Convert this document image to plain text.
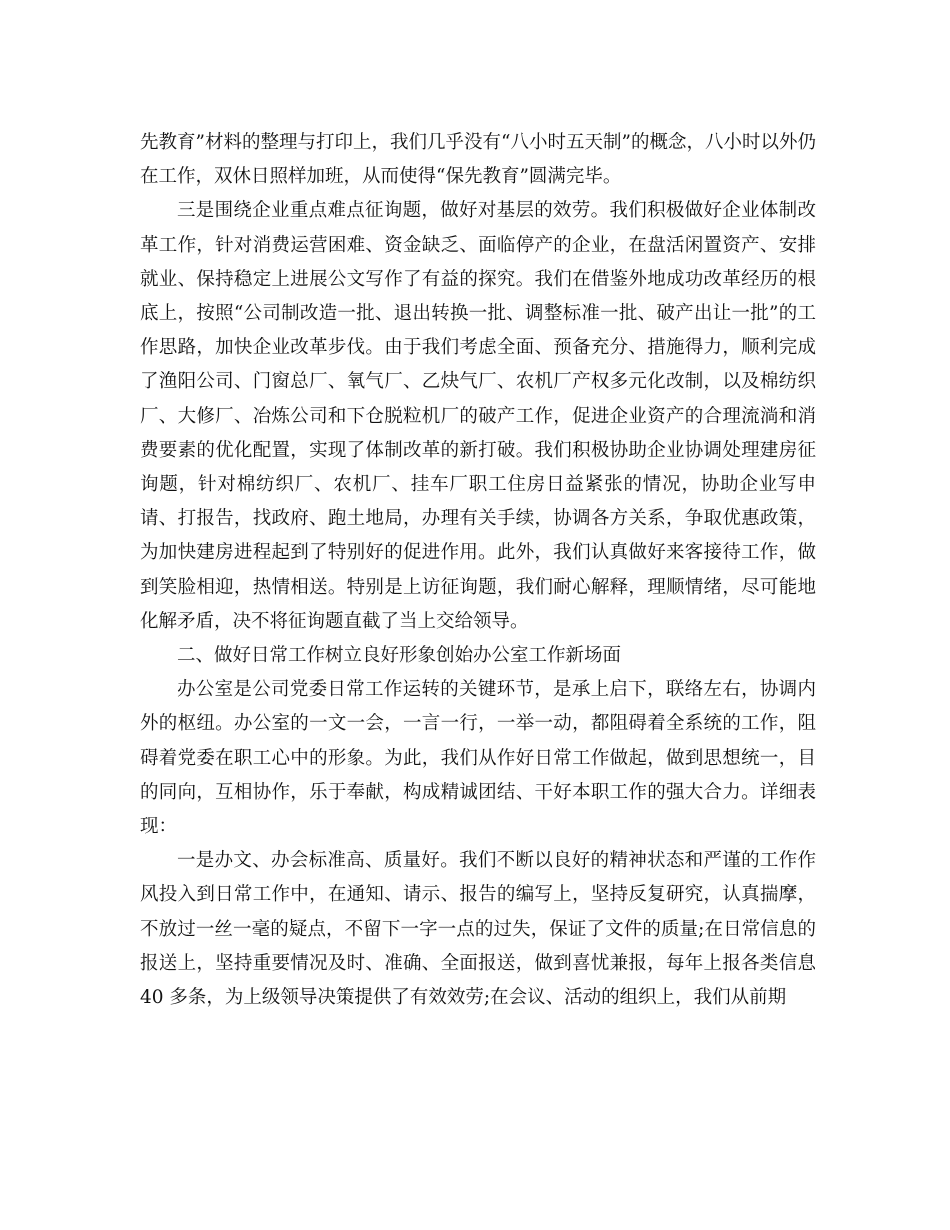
先教育”材料的整理与打印上，我们几乎没有“八小时五天制”的概念，八小时以外仍在工作，双休日照样加班，从而使得“保先教育”圆满完毕。

三是围绕企业重点难点征询题，做好对基层的效劳。我们积极做好企业体制改革工作，针对消费运营困难、资金缺乏、面临停产的企业，在盘活闲置资产、安排就业、保持稳定上进展公文写作了有益的探究。我们在借鉴外地成功改革经历的根底上，按照“公司制改造一批、退出转换一批、调整标准一批、破产出让一批”的工作思路，加快企业改革步伐。由于我们考虑全面、预备充分、措施得力，顺利完成了渔阳公司、门窗总厂、氧气厂、乙炔气厂、农机厂产权多元化改制，以及棉纺织厂、大修厂、冶炼公司和下仓脱粒机厂的破产工作，促进企业资产的合理流淌和消费要素的优化配置，实现了体制改革的新打破。我们积极协助企业协调处理建房征询题，针对棉纺织厂、农机厂、挂车厂职工住房日益紧张的情况，协助企业写申请、打报告，找政府、跑土地局，办理有关手续，协调各方关系，争取优惠政策，为加快建房进程起到了特别好的促进作用。此外，我们认真做好来客接待工作，做到笑脸相迎，热情相送。特别是上访征询题，我们耐心解释，理顺情绪，尽可能地化解矛盾，决不将征询题直截了当上交给领导。

二、做好日常工作树立良好形象创始办公室工作新场面

办公室是公司党委日常工作运转的关键环节，是承上启下，联络左右，协调内外的枢纽。办公室的一文一会，一言一行，一举一动，都阻碍着全系统的工作，阻碍着党委在职工心中的形象。为此，我们从作好日常工作做起，做到思想统一，目的同向，互相协作，乐于奉献，构成精诚团结、干好本职工作的强大合力。详细表现：

一是办文、办会标准高、质量好。我们不断以良好的精神状态和严谨的工作作风投入到日常工作中，在通知、请示、报告的编写上，坚持反复研究，认真揣摩，不放过一丝一毫的疑点，不留下一字一点的过失，保证了文件的质量;在日常信息的报送上，坚持重要情况及时、准确、全面报送，做到喜忧兼报，每年上报各类信息 40 多条，为上级领导决策提供了有效效劳;在会议、活动的组织上，我们从前期
